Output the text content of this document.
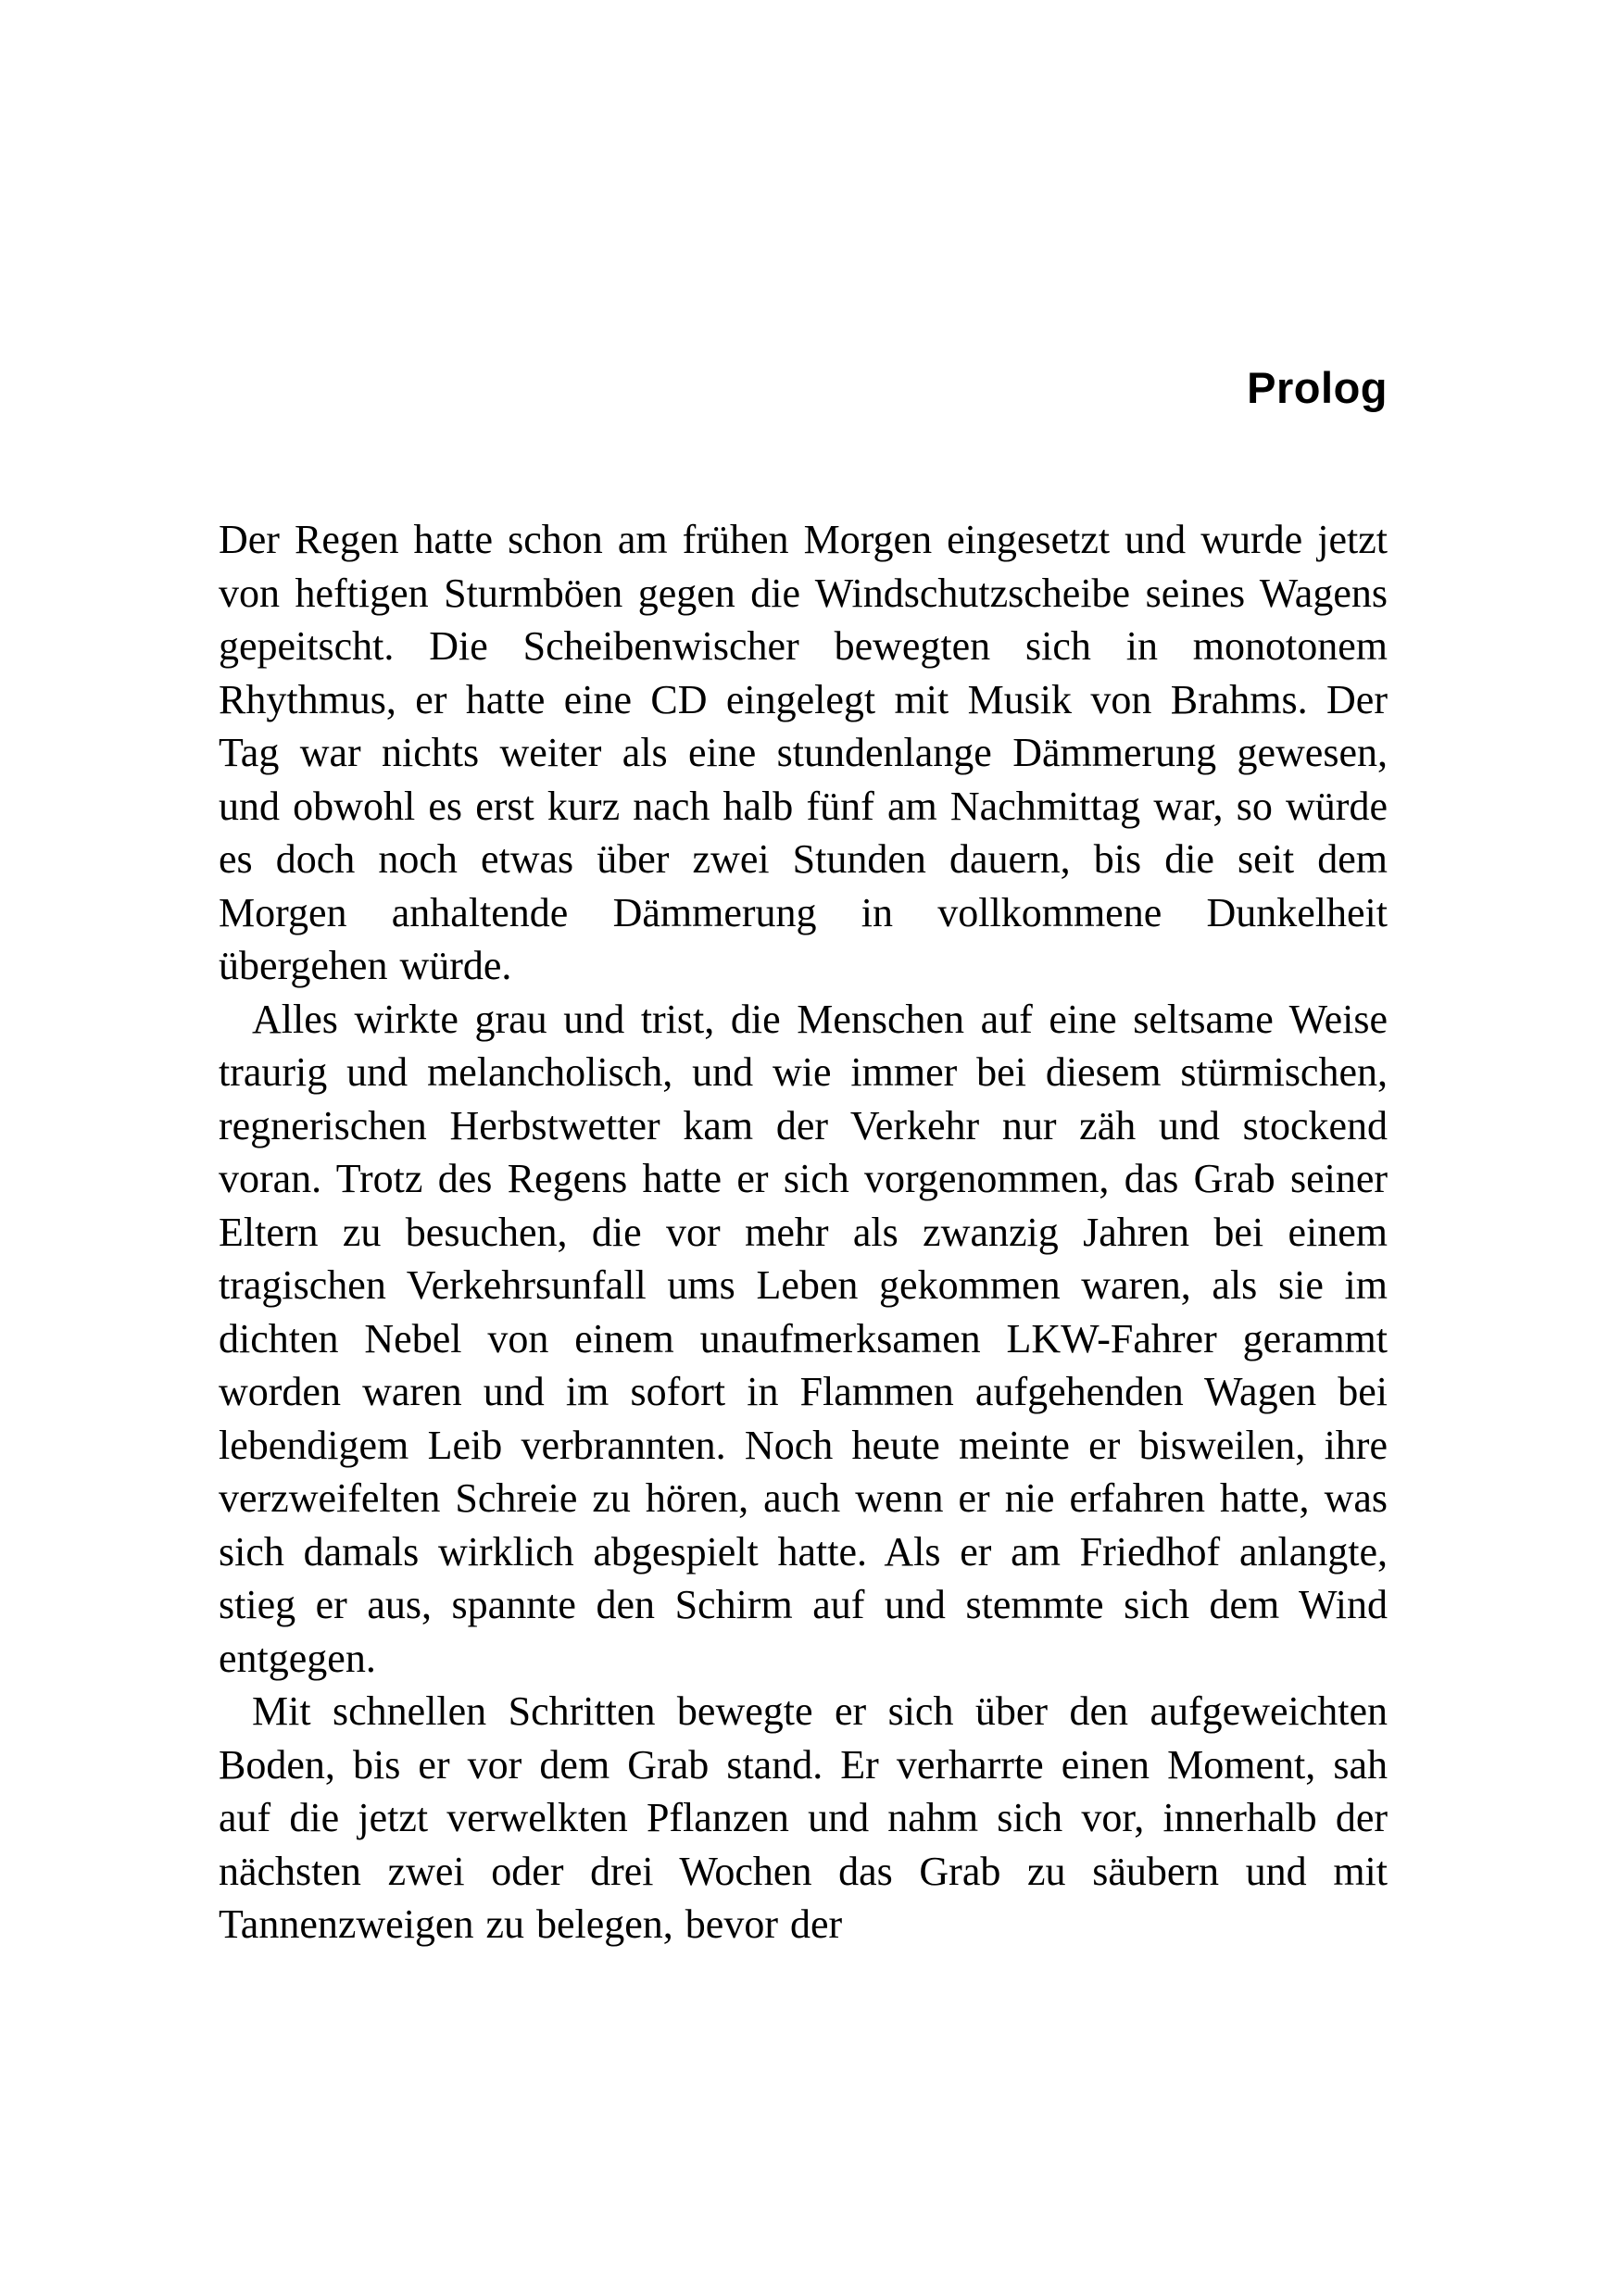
Prolog

Der Regen hatte schon am frühen Morgen eingesetzt und wurde jetzt von heftigen Sturmböen gegen die Windschutzscheibe seines Wagens gepeitscht. Die Scheibenwischer bewegten sich in monotonem Rhythmus, er hatte eine CD eingelegt mit Musik von Brahms. Der Tag war nichts weiter als eine stundenlange Dämmerung gewesen, und obwohl es erst kurz nach halb fünf am Nachmittag war, so würde es doch noch etwas über zwei Stunden dauern, bis die seit dem Morgen anhaltende Dämmerung in vollkommene Dunkelheit übergehen würde.

Alles wirkte grau und trist, die Menschen auf eine seltsame Weise traurig und melancholisch, und wie immer bei diesem stürmischen, regnerischen Herbstwetter kam der Verkehr nur zäh und stockend voran. Trotz des Regens hatte er sich vorgenommen, das Grab seiner Eltern zu besuchen, die vor mehr als zwanzig Jahren bei einem tragischen Verkehrsunfall ums Leben gekommen waren, als sie im dichten Nebel von einem unaufmerksamen LKW-Fahrer gerammt worden waren und im sofort in Flammen aufgehenden Wagen bei lebendigem Leib verbrannten. Noch heute meinte er bisweilen, ihre verzweifelten Schreie zu hören, auch wenn er nie erfahren hatte, was sich damals wirklich abgespielt hatte. Als er am Friedhof anlangte, stieg er aus, spannte den Schirm auf und stemmte sich dem Wind entgegen.

Mit schnellen Schritten bewegte er sich über den aufgeweichten Boden, bis er vor dem Grab stand. Er verharrte einen Moment, sah auf die jetzt verwelkten Pflanzen und nahm sich vor, innerhalb der nächsten zwei oder drei Wochen das Grab zu säubern und mit Tannenzweigen zu belegen, bevor der
